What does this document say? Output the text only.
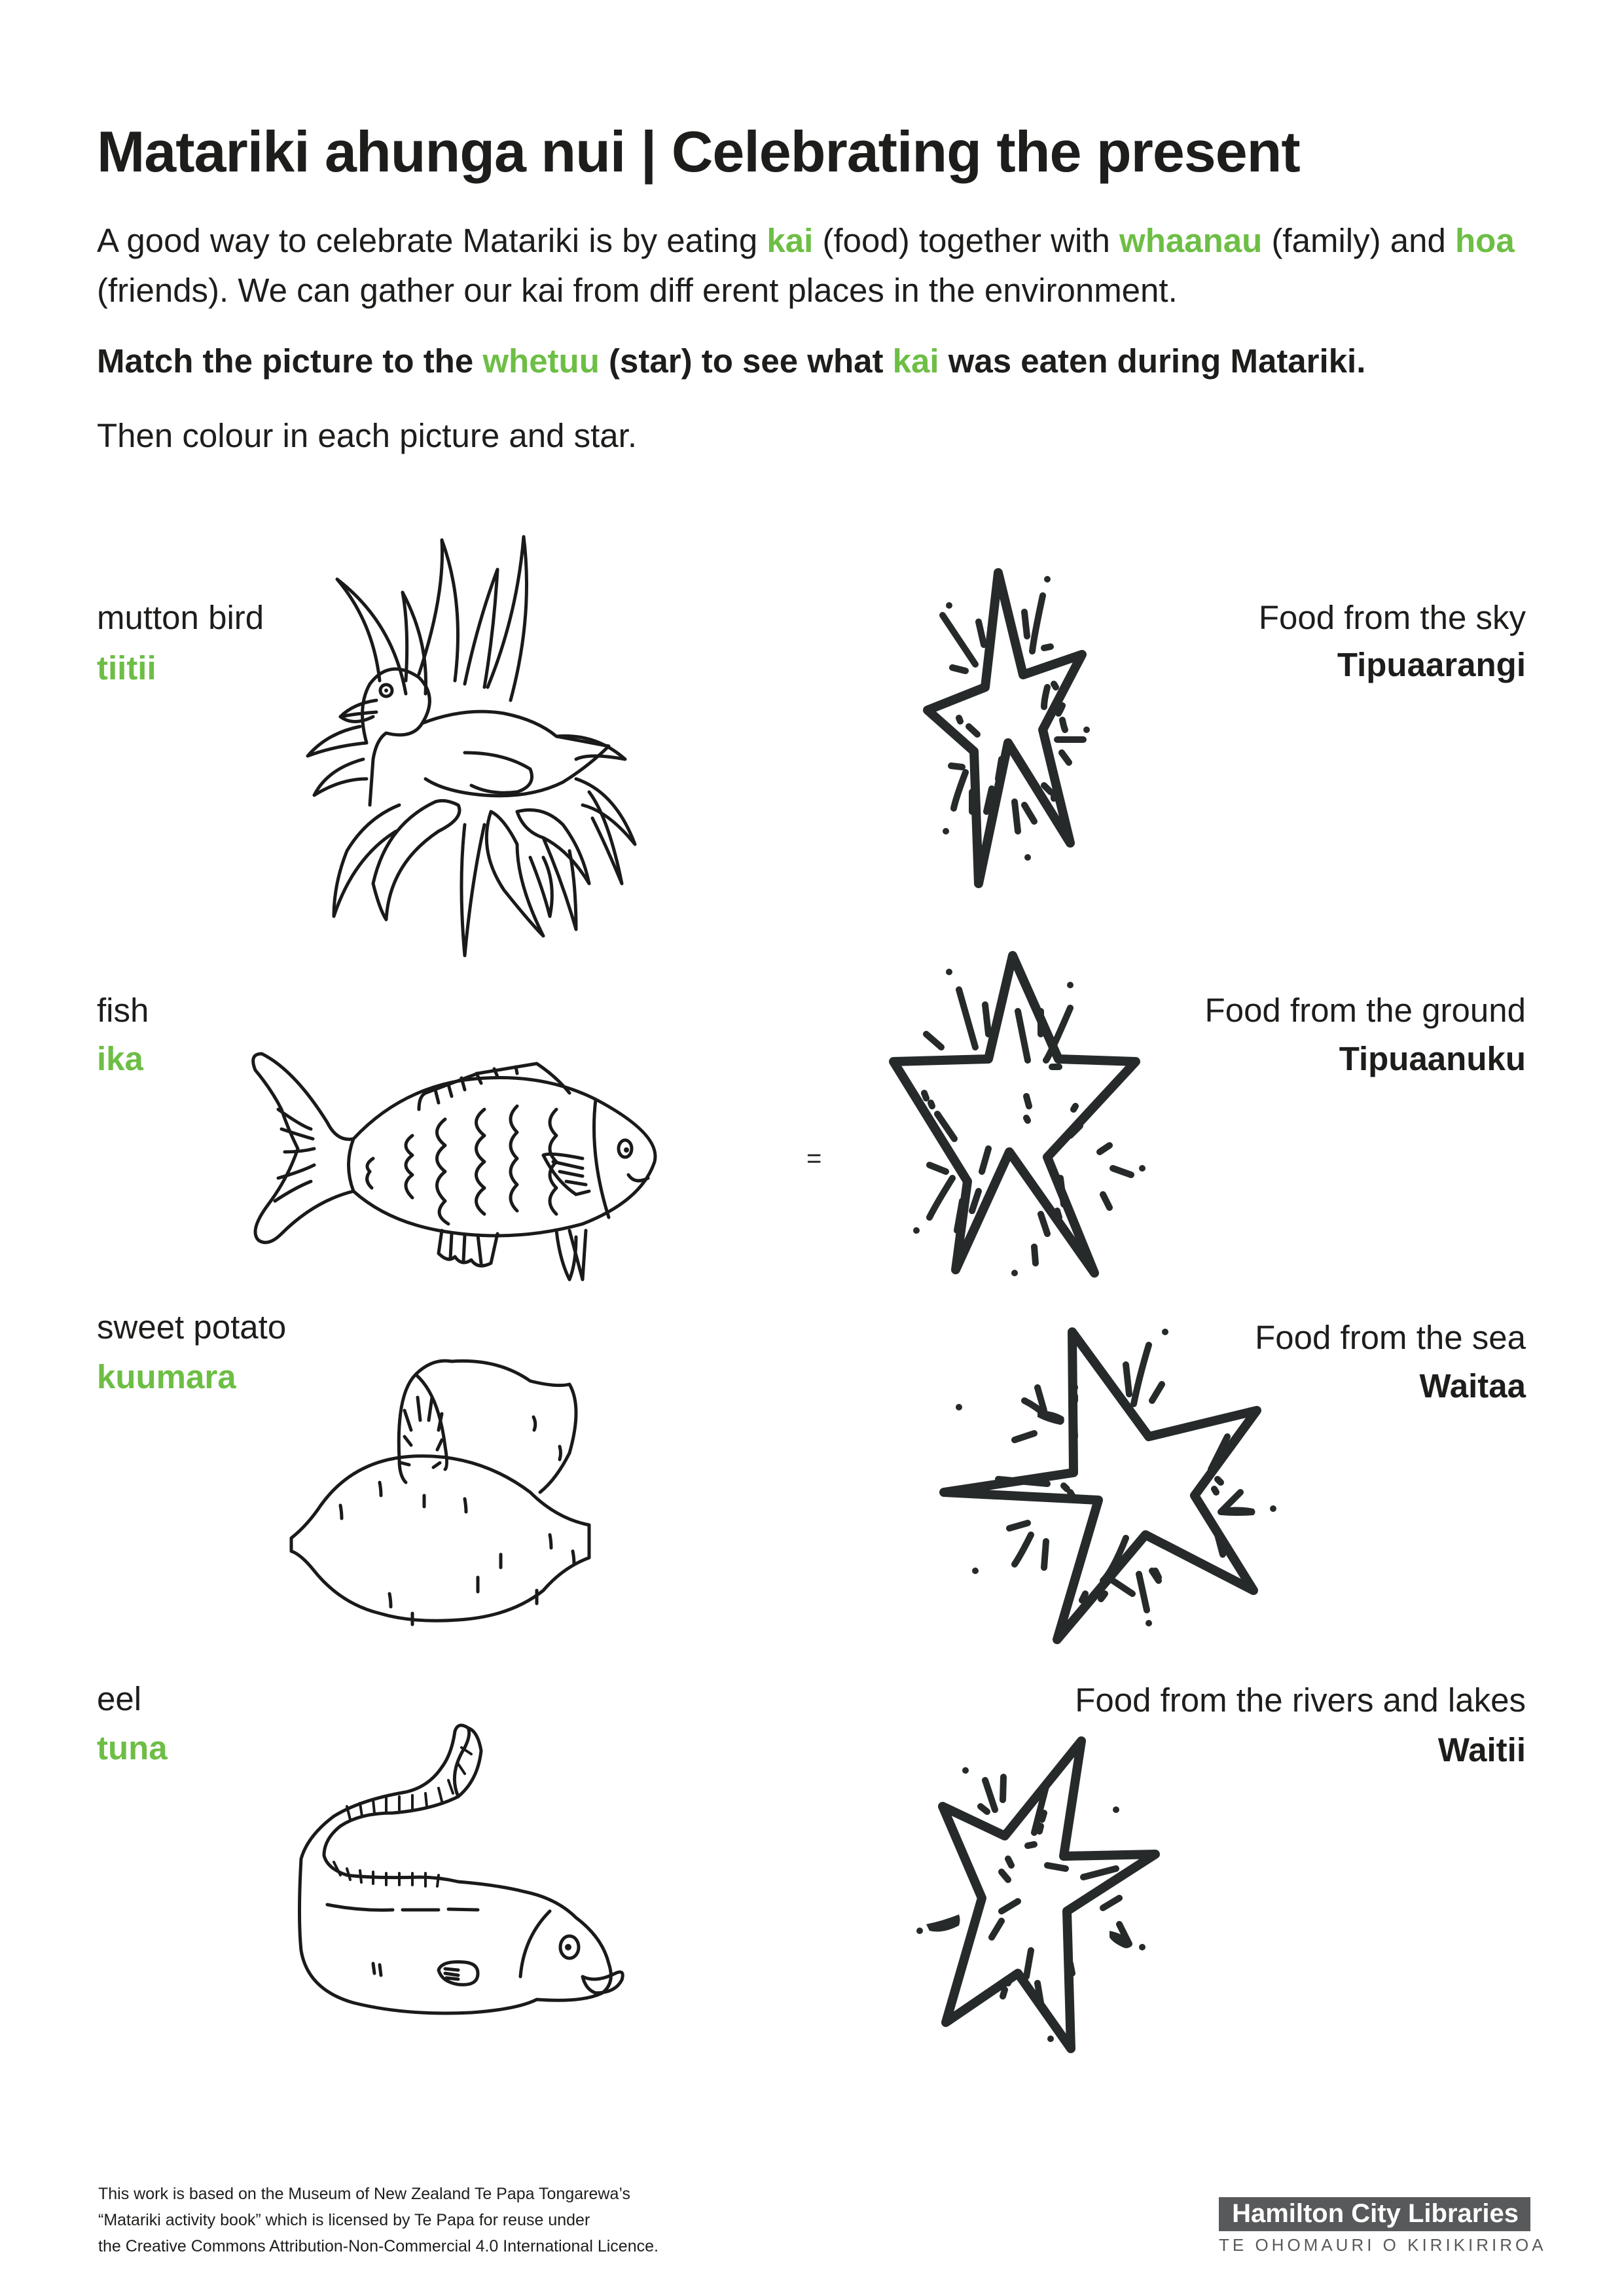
Matariki ahunga nui | Celebrating the present
A good way to celebrate Matariki is by eating kai (food) together with whaanau (family) and hoa (friends). We can gather our kai from diff erent places in the environment.
Match the picture to the whetuu (star) to see what kai was eaten during Matariki.
Then colour in each picture and star.
mutton bird
tiitii
Food from the sky
Tipuaarangi
fish
ika
=
Food from the ground
Tipuaanuku
sweet potato
kuumara
Food from the sea
Waitaa
eel
tuna
Food from the rivers and lakes
Waitii
This work is based on the Museum of New Zealand Te Papa Tongarewa’s
“Matariki activity book” which is licensed by Te Papa for reuse under
the Creative Commons Attribution-Non-Commercial 4.0 International Licence.
Hamilton City Libraries
TE OHOMAURI O KIRIKIRIROA
